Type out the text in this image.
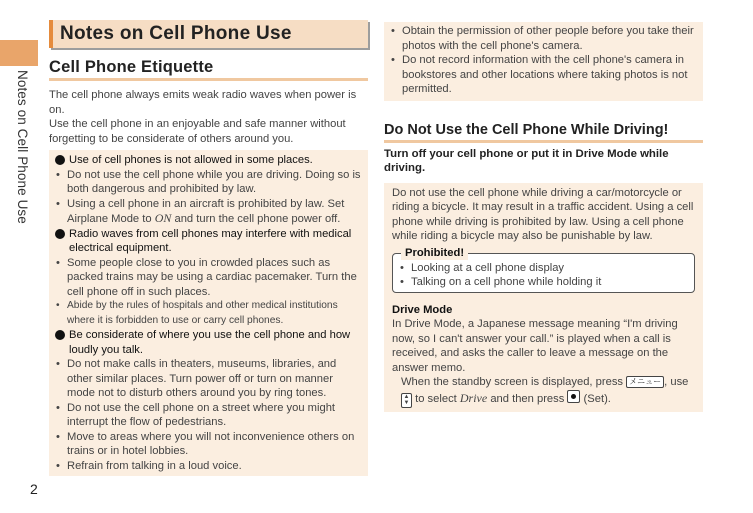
Notes on Cell Phone Use
2
Notes on Cell Phone Use
Cell Phone Etiquette
The cell phone always emits weak radio waves when power is on.
Use the cell phone in an enjoyable and safe manner without forgetting to be considerate of others around you.
Use of cell phones is not allowed in some places.
• Do not use the cell phone while you are driving. Doing so is both dangerous and prohibited by law.
• Using a cell phone in an aircraft is prohibited by law. Set Airplane Mode to ON and turn the cell phone power off.
Radio waves from cell phones may interfere with medical electrical equipment.
• Some people close to you in crowded places such as packed trains may be using a cardiac pacemaker. Turn the cell phone off in such places.
• Abide by the rules of hospitals and other medical institutions where it is forbidden to use or carry cell phones.
Be considerate of where you use the cell phone and how loudly you talk.
• Do not make calls in theaters, museums, libraries, and other similar places. Turn power off or turn on manner mode not to disturb others around you by ring tones.
• Do not use the cell phone on a street where you might interrupt the flow of pedestrians.
• Move to areas where you will not inconvenience others on trains or in hotel lobbies.
• Refrain from talking in a loud voice.
• Obtain the permission of other people before you take their photos with the cell phone's camera.
• Do not record information with the cell phone's camera in bookstores and other locations where taking photos is not permitted.
Do Not Use the Cell Phone While Driving!
Turn off your cell phone or put it in Drive Mode while driving.
Do not use the cell phone while driving a car/motorcycle or riding a bicycle. It may result in a traffic accident. Using a cell phone while driving is prohibited by law. Using a cell phone while riding a bicycle may also be punishable by law.
Prohibited!
• Looking at a cell phone display
• Talking on a cell phone while holding it
Drive Mode
In Drive Mode, a Japanese message meaning “I'm driving now, so I can't answer your call.” is played when a call is received, and asks the caller to leave a message on the answer memo.
When the standby screen is displayed, press メニュー , use ▲
▼ to select Drive and then press  (Set).
